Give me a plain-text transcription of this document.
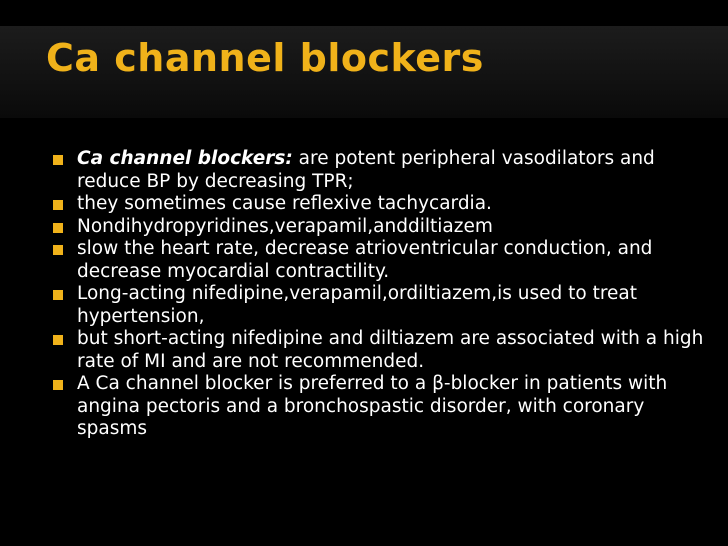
Ca channel blockers
Ca channel blockers: are potent peripheral vasodilators and reduce BP by decreasing TPR;
they sometimes cause reflexive tachycardia.
Nondihydropyridines,verapamil,anddiltiazem
slow the heart rate, decrease atrioventricular conduction, and decrease myocardial contractility.
Long-acting nifedipine,verapamil,ordiltiazem,is used to treat hypertension,
but short-acting nifedipine and diltiazem are associated with a high rate of MI and are not recommended.
A Ca channel blocker is preferred to a β-blocker in patients with angina pectoris and a bronchospastic disorder, with coronary spasms
